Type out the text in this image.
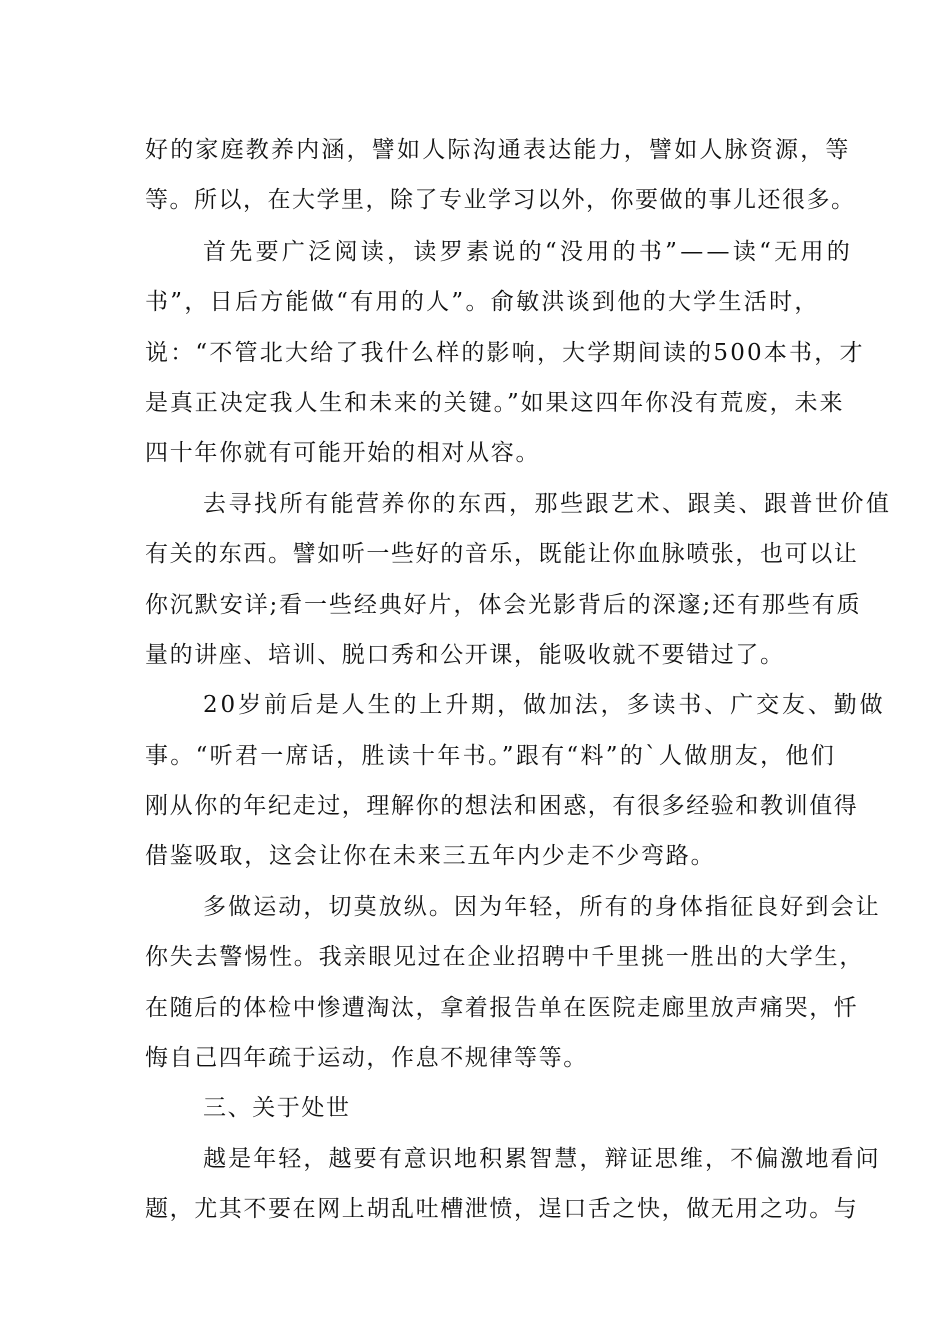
好的家庭教养内涵，譬如人际沟通表达能力，譬如人脉资源，等
等。所以，在大学里，除了专业学习以外，你要做的事儿还很多。
首先要广泛阅读，读罗素说的“没用的书”——读“无用的
书”，日后方能做“有用的人”。俞敏洪谈到他的大学生活时，
说：“不管北大给了我什么样的影响，大学期间读的500本书，才
是真正决定我人生和未来的关键。”如果这四年你没有荒废，未来
四十年你就有可能开始的相对从容。
去寻找所有能营养你的东西，那些跟艺术、跟美、跟普世价值
有关的东西。譬如听一些好的音乐，既能让你血脉喷张，也可以让
你沉默安详;看一些经典好片，体会光影背后的深邃;还有那些有质
量的讲座、培训、脱口秀和公开课，能吸收就不要错过了。
20岁前后是人生的上升期，做加法，多读书、广交友、勤做
事。“听君一席话，胜读十年书。”跟有“料”的`人做朋友，他们
刚从你的年纪走过，理解你的想法和困惑，有很多经验和教训值得
借鉴吸取，这会让你在未来三五年内少走不少弯路。
多做运动，切莫放纵。因为年轻，所有的身体指征良好到会让
你失去警惕性。我亲眼见过在企业招聘中千里挑一胜出的大学生，
在随后的体检中惨遭淘汰，拿着报告单在医院走廊里放声痛哭，忏
悔自己四年疏于运动，作息不规律等等。
三、关于处世
越是年轻，越要有意识地积累智慧，辩证思维，不偏激地看问
题，尤其不要在网上胡乱吐槽泄愤，逞口舌之快，做无用之功。与
